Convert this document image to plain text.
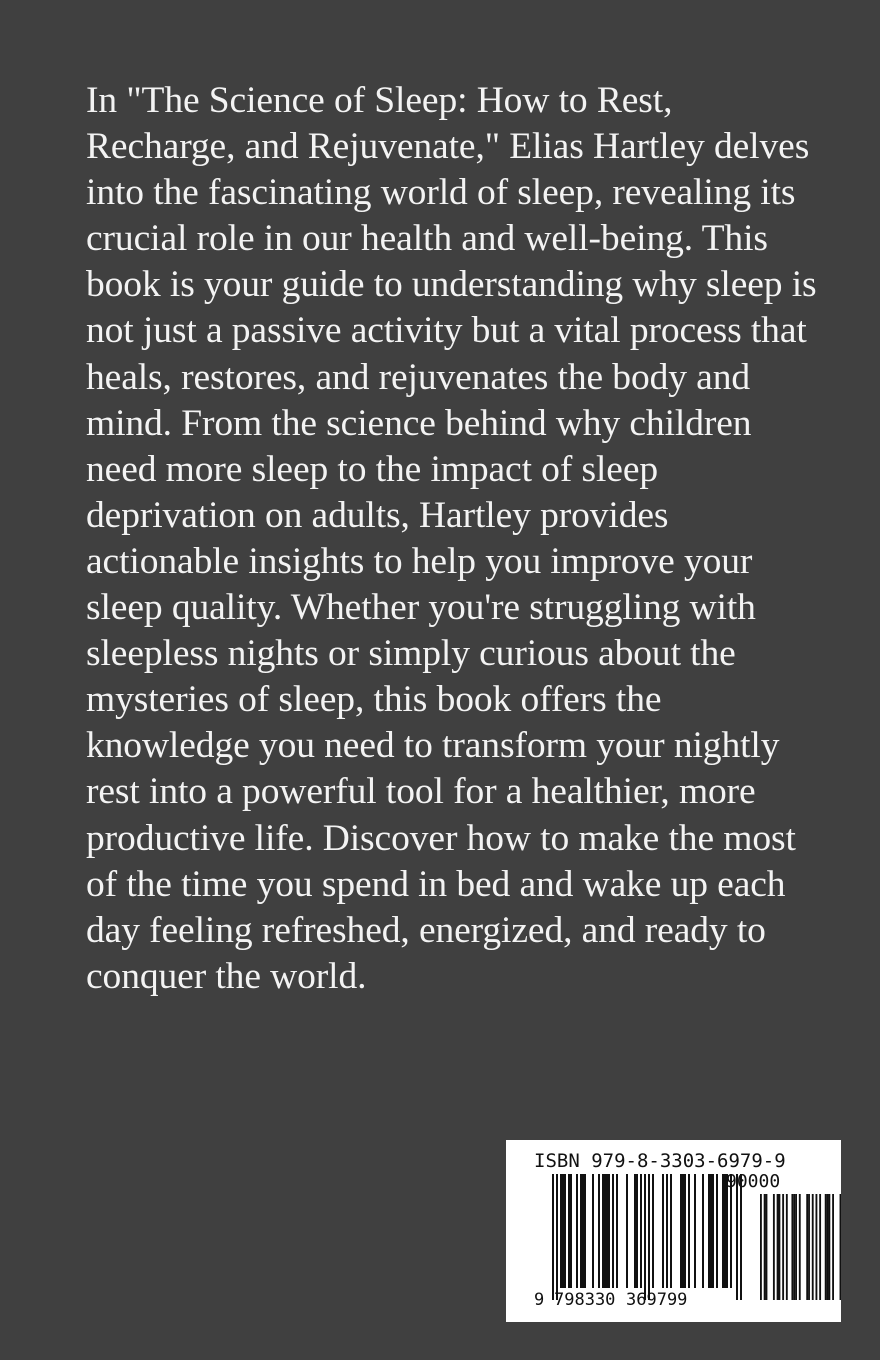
In "The Science of Sleep: How to Rest, Recharge, and Rejuvenate," Elias Hartley delves into the fascinating world of sleep, revealing its crucial role in our health and well-being. This book is your guide to understanding why sleep is not just a passive activity but a vital process that heals, restores, and rejuvenates the body and mind. From the science behind why children need more sleep to the impact of sleep deprivation on adults, Hartley provides actionable insights to help you improve your sleep quality. Whether you're struggling with sleepless nights or simply curious about the mysteries of sleep, this book offers the knowledge you need to transform your nightly rest into a powerful tool for a healthier, more productive life. Discover how to make the most of the time you spend in bed and wake up each day feeling refreshed, energized, and ready to conquer the world.

ISBN 979-8-3303-6979-9
9 798330 369799
90000
